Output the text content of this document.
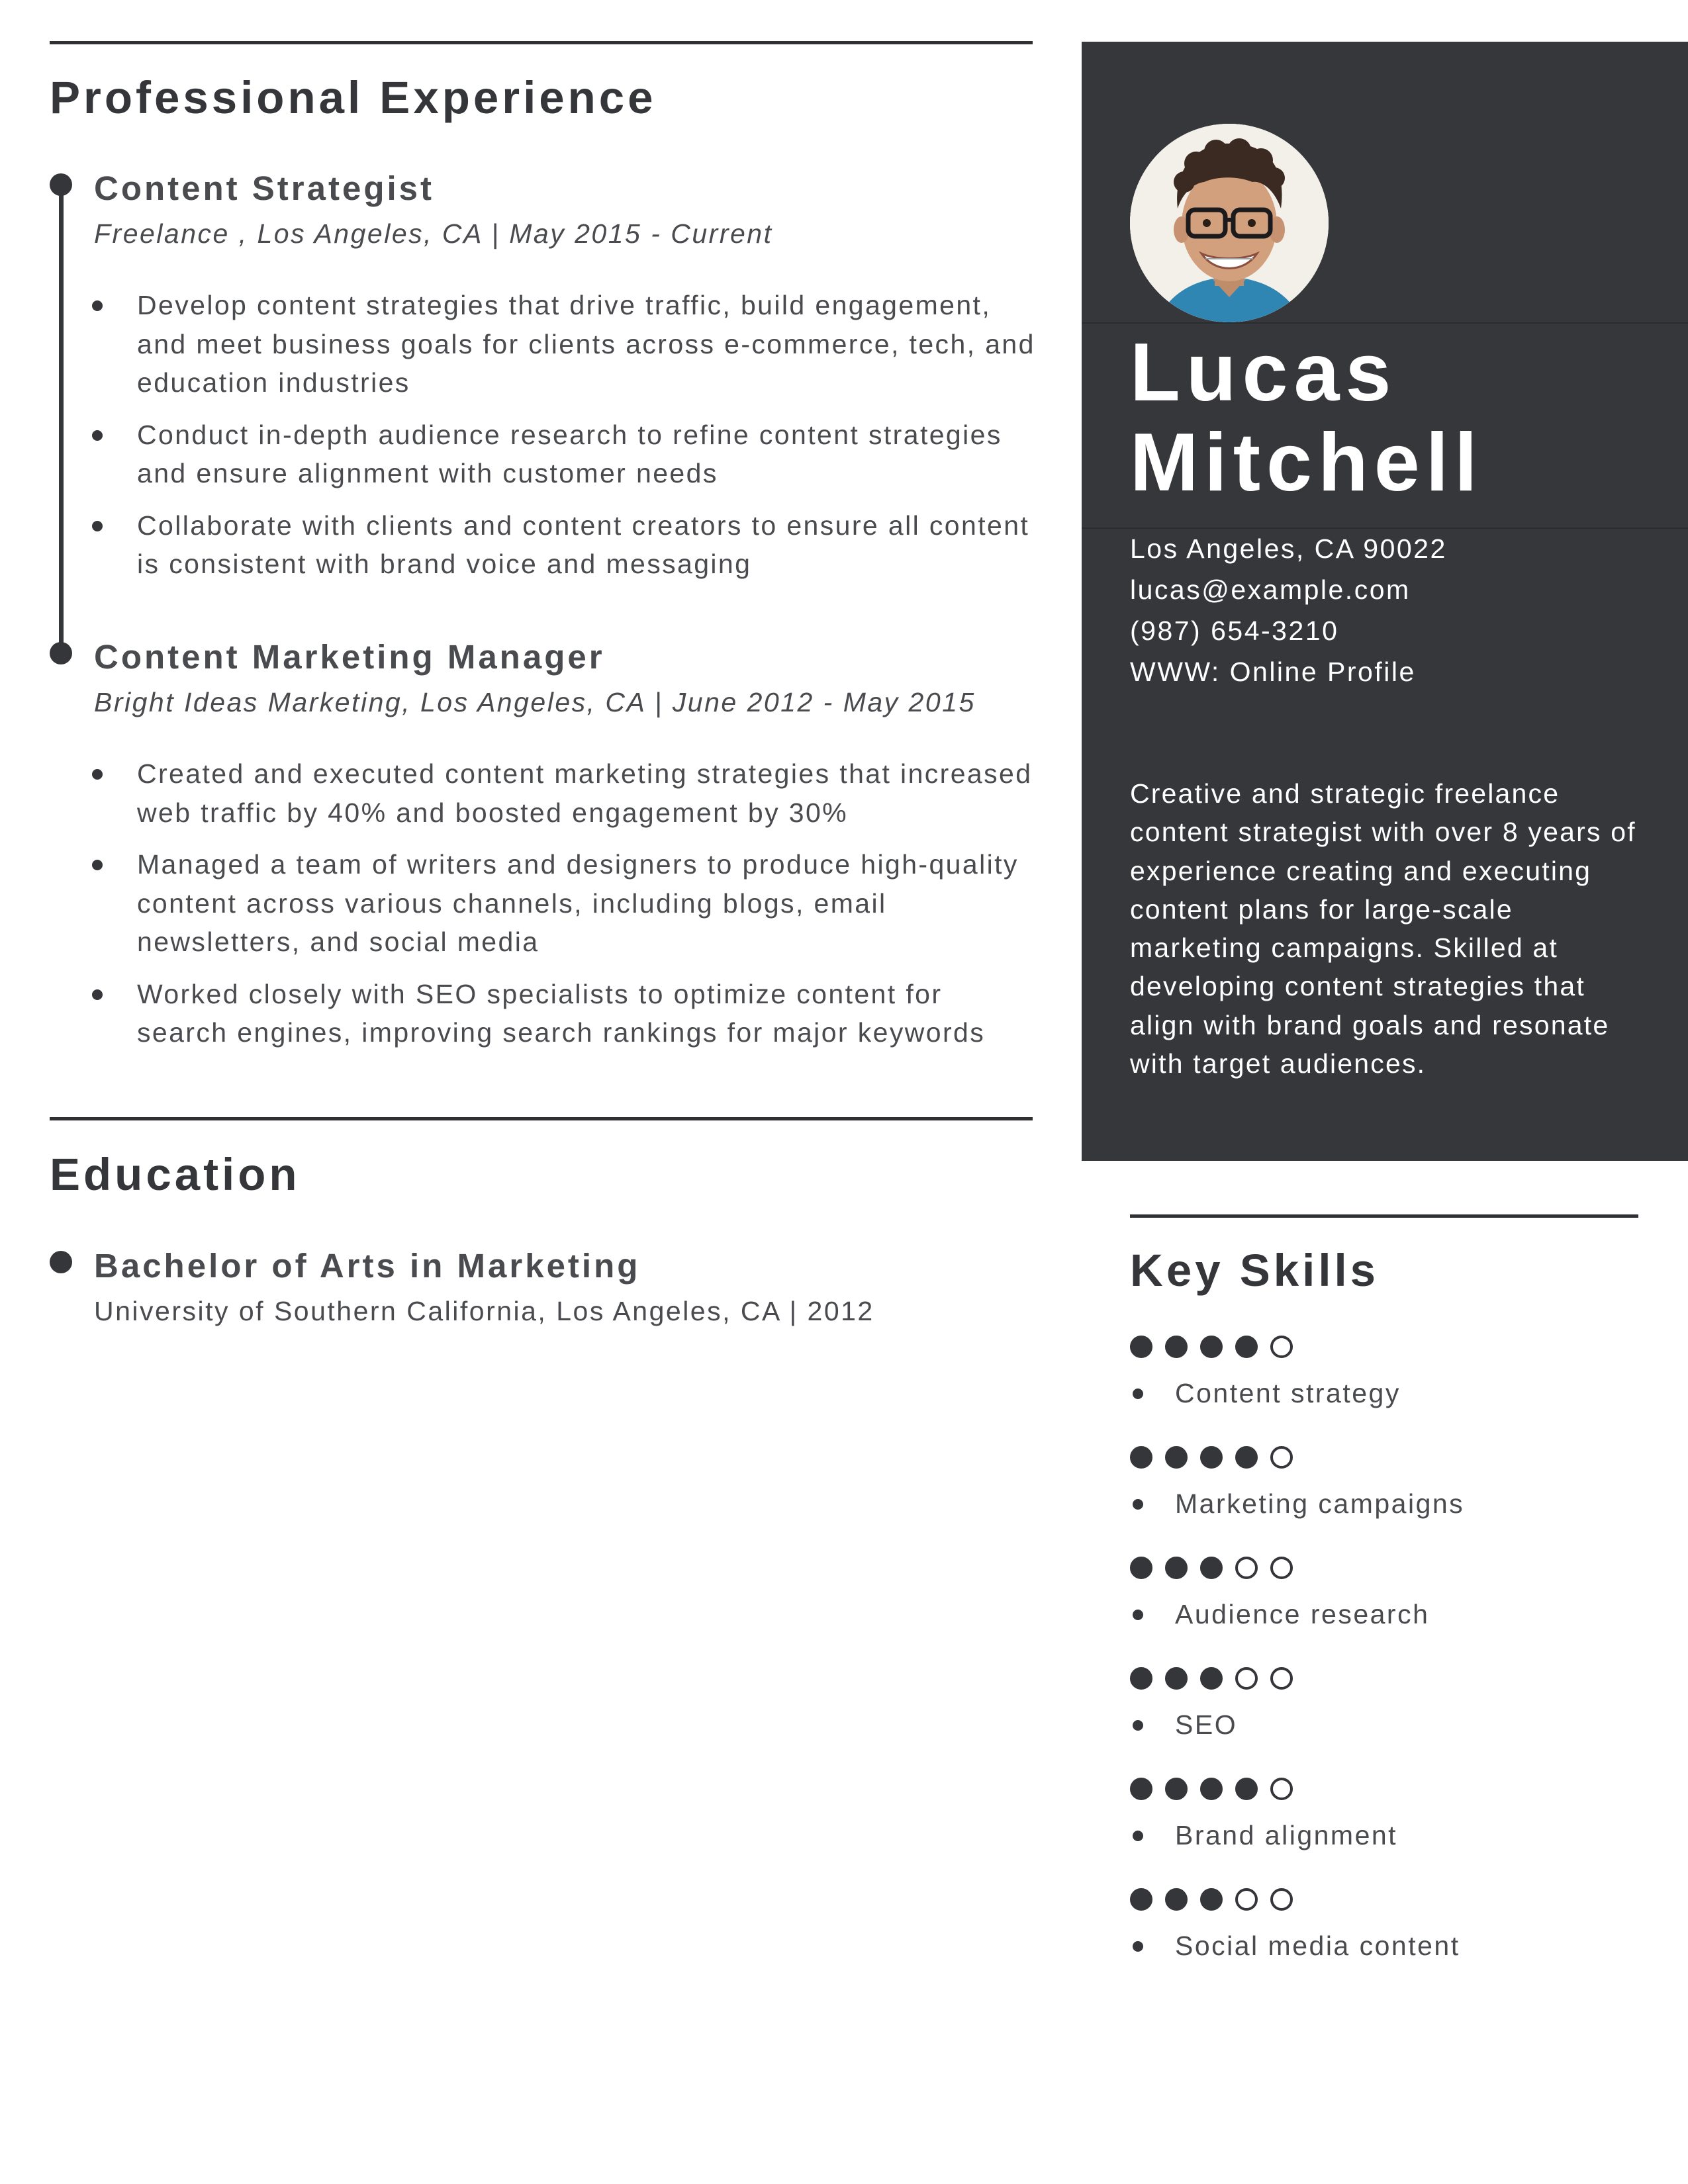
Professional Experience
Content Strategist
Freelance , Los Angeles, CA | May 2015 - Current
Develop content strategies that drive traffic, build engagement, and meet business goals for clients across e-commerce, tech, and education industries
Conduct in-depth audience research to refine content strategies and ensure alignment with customer needs
Collaborate with clients and content creators to ensure all content is consistent with brand voice and messaging
Content Marketing Manager
Bright Ideas Marketing, Los Angeles, CA | June 2012 - May 2015
Created and executed content marketing strategies that increased web traffic by 40% and boosted engagement by 30%
Managed a team of writers and designers to produce high-quality content across various channels, including blogs, email newsletters, and social media
Worked closely with SEO specialists to optimize content for search engines, improving search rankings for major keywords
Education
Bachelor of Arts in Marketing
University of Southern California, Los Angeles, CA | 2012
Lucas
Mitchell
Los Angeles, CA 90022
lucas@example.com
(987) 654-3210
WWW: Online Profile

Creative and strategic freelance content strategist with over 8 years of experience creating and executing content plans for large-scale marketing campaigns. Skilled at developing content strategies that align with brand goals and resonate with target audiences.

Key Skills
Content strategy
Marketing campaigns
Audience research
SEO
Brand alignment
Social media content
